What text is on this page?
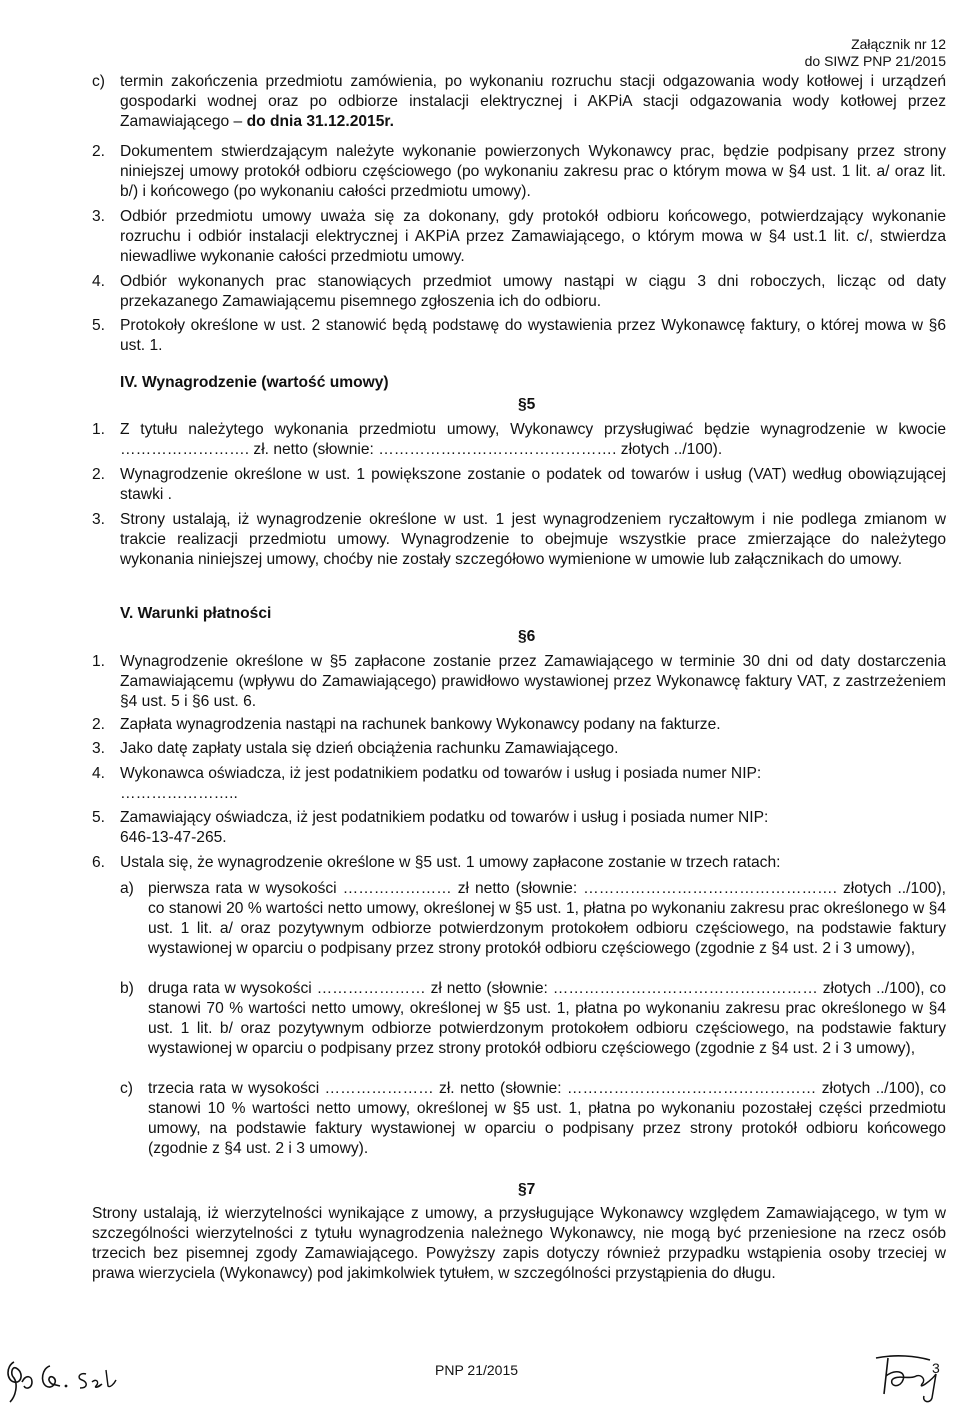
Załącznik nr 12
do SIWZ PNP 21/2015
c) termin zakończenia przedmiotu zamówienia, po wykonaniu rozruchu stacji odgazowania wody kotłowej i urządzeń gospodarki wodnej oraz po odbiorze instalacji elektrycznej i AKPiA stacji odgazowania wody kotłowej przez Zamawiającego – do dnia 31.12.2015r.
2. Dokumentem stwierdzającym należyte wykonanie powierzonych Wykonawcy prac, będzie podpisany przez strony niniejszej umowy protokół odbioru częściowego (po wykonaniu zakresu prac o którym mowa w §4 ust. 1 lit. a/ oraz lit. b/) i końcowego (po wykonaniu całości przedmiotu umowy).
3. Odbiór przedmiotu umowy uważa się za dokonany, gdy protokół odbioru końcowego, potwierdzający wykonanie rozruchu i odbiór instalacji elektrycznej i AKPiA przez Zamawiającego, o którym mowa w §4 ust.1 lit. c/, stwierdza niewadliwe wykonanie całości przedmiotu umowy.
4. Odbiór wykonanych prac stanowiących przedmiot umowy nastąpi w ciągu 3 dni roboczych, licząc od daty przekazanego Zamawiającemu pisemnego zgłoszenia ich do odbioru.
5. Protokoły określone w ust. 2 stanowić będą podstawę do wystawienia przez Wykonawcę faktury, o której mowa w §6 ust. 1.
IV. Wynagrodzenie (wartość umowy)
§5
1. Z tytułu należytego wykonania przedmiotu umowy, Wykonawcy przysługiwać będzie wynagrodzenie w kwocie ……………………. zł. netto (słownie: ………………………………………. złotych ../100).
2. Wynagrodzenie określone w ust. 1 powiększone zostanie o podatek od towarów i usług (VAT) według obowiązującej stawki .
3. Strony ustalają, iż wynagrodzenie określone w ust. 1 jest wynagrodzeniem ryczałtowym i nie podlega zmianom w trakcie realizacji przedmiotu umowy. Wynagrodzenie to obejmuje wszystkie prace zmierzające do należytego wykonania niniejszej umowy, choćby nie zostały szczegółowo wymienione w umowie lub załącznikach do umowy.
V. Warunki płatności
§6
1. Wynagrodzenie określone w §5 zapłacone zostanie przez Zamawiającego w terminie 30 dni od daty dostarczenia Zamawiającemu (wpływu do Zamawiającego) prawidłowo wystawionej przez Wykonawcę faktury VAT, z zastrzeżeniem §4 ust. 5 i §6 ust. 6.
2. Zapłata wynagrodzenia nastąpi na rachunek bankowy Wykonawcy podany na fakturze.
3. Jako datę zapłaty ustala się dzień obciążenia rachunku Zamawiającego.
4. Wykonawca oświadcza, iż jest podatnikiem podatku od towarów i usług i posiada numer NIP: …………………..
5. Zamawiający oświadcza, iż jest podatnikiem podatku od towarów i usług i posiada numer NIP: 646-13-47-265.
6. Ustala się, że wynagrodzenie określone w §5 ust. 1 umowy zapłacone zostanie w trzech ratach:
a) pierwsza rata w wysokości ………………… zł netto (słownie: …………………………………………. złotych ../100), co stanowi 20 % wartości netto umowy, określonej w §5 ust. 1, płatna po wykonaniu zakresu prac określonego w §4 ust. 1 lit. a/ oraz pozytywnym odbiorze potwierdzonym protokołem odbioru częściowego, na podstawie faktury wystawionej w oparciu o podpisany przez strony protokół odbioru częściowego (zgodnie z §4 ust. 2 i 3 umowy),
b) druga rata w wysokości ………………… zł netto (słownie: …………………………………………… złotych ../100), co stanowi 70 % wartości netto umowy, określonej w §5 ust. 1, płatna po wykonaniu zakresu prac określonego w §4 ust. 1 lit. b/ oraz pozytywnym odbiorze potwierdzonym protokołem odbioru częściowego, na podstawie faktury wystawionej w oparciu o podpisany przez strony protokół odbioru częściowego (zgodnie z §4 ust. 2 i 3 umowy),
c) trzecia rata w wysokości ………………… zł. netto (słownie: ………………………………………… złotych ../100), co stanowi 10 % wartości netto umowy, określonej w §5 ust. 1, płatna po wykonaniu pozostałej części przedmiotu umowy, na podstawie faktury wystawionej w oparciu o podpisany przez strony protokół odbioru końcowego (zgodnie z §4 ust. 2 i 3 umowy).
§7
Strony ustalają, iż wierzytelności wynikające z umowy, a przysługujące Wykonawcy względem Zamawiającego, w tym w szczególności wierzytelności z tytułu wynagrodzenia należnego Wykonawcy, nie mogą być przeniesione na rzecz osób trzecich bez pisemnej zgody Zamawiającego. Powyższy zapis dotyczy również przypadku wstąpienia osoby trzeciej w prawa wierzyciela (Wykonawcy) pod jakimkolwiek tytułem, w szczególności przystąpienia do długu.
PNP 21/2015	3
